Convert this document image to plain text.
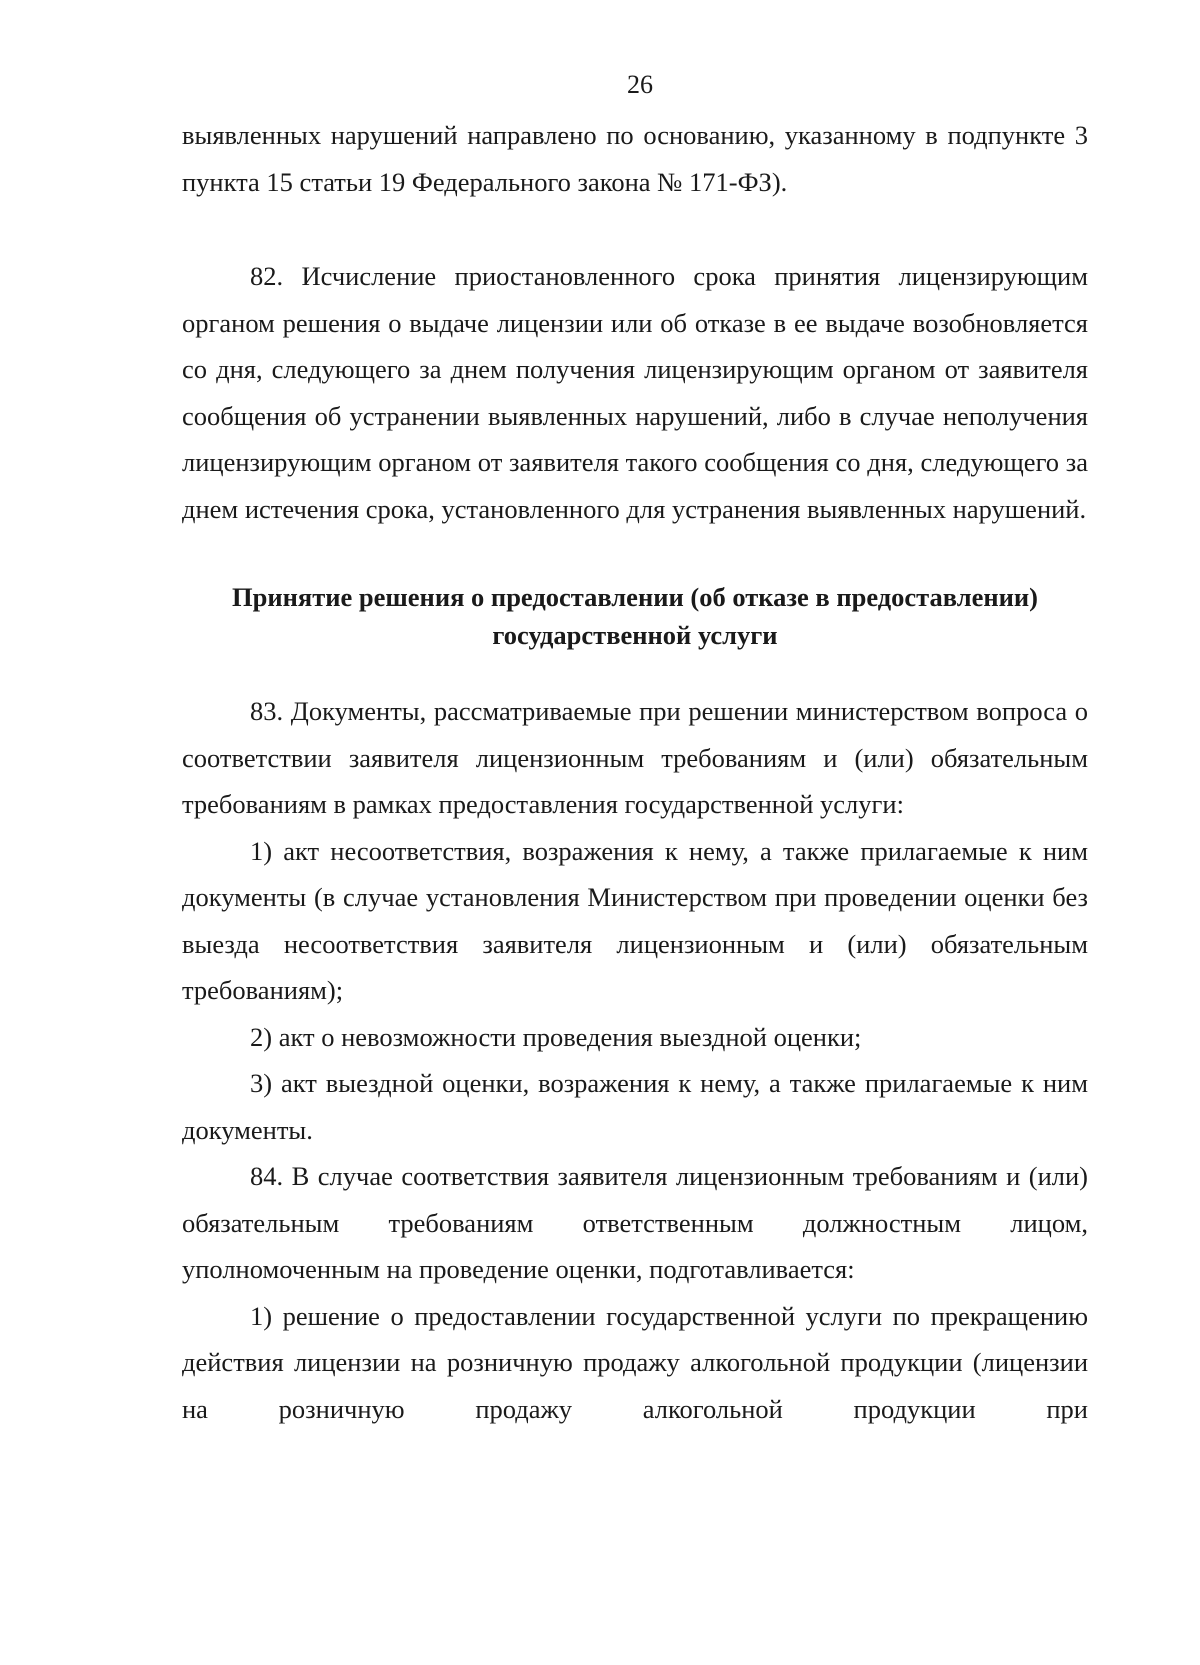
26

выявленных нарушений направлено по основанию, указанному в подпункте 3 пункта 15 статьи 19 Федерального закона № 171-ФЗ).

82. Исчисление приостановленного срока принятия лицензирующим органом решения о выдаче лицензии или об отказе в ее выдаче возобновляется со дня, следующего за днем получения лицензирующим органом от заявителя сообщения об устранении выявленных нарушений, либо в случае неполучения лицензирующим органом от заявителя такого сообщения со дня, следующего за днем истечения срока, установленного для устранения выявленных нарушений.

Принятие решения о предоставлении (об отказе в предоставлении)
государственной услуги

83. Документы, рассматриваемые при решении министерством вопроса о соответствии заявителя лицензионным требованиям и (или) обязательным требованиям в рамках предоставления государственной услуги:

1) акт несоответствия, возражения к нему, а также прилагаемые к ним документы (в случае установления Министерством при проведении оценки без выезда несоответствия заявителя лицензионным и (или) обязательным требованиям);

2) акт о невозможности проведения выездной оценки;

3) акт выездной оценки, возражения к нему, а также прилагаемые к ним документы.

84. В случае соответствия заявителя лицензионным требованиям и (или) обязательным требованиям ответственным должностным лицом, уполномоченным на проведение оценки, подготавливается:

1) решение о предоставлении государственной услуги по прекращению действия лицензии на розничную продажу алкогольной продукции (лицензии на розничную продажу алкогольной продукции при
